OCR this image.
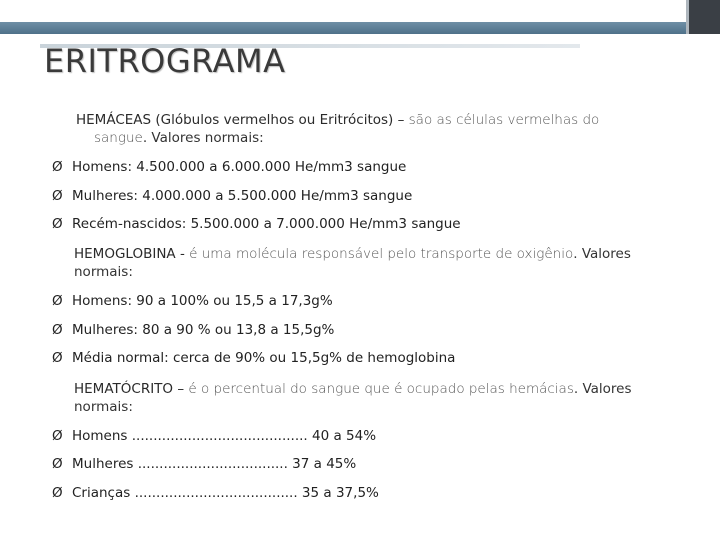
ERITROGRAMA
HEMÁCEAS (Glóbulos vermelhos ou Eritrócitos) – são as células vermelhas do
sangue. Valores normais:
Ø Homens: 4.500.000 a 6.000.000 He/mm3 sangue
Ø Mulheres: 4.000.000 a 5.500.000 He/mm3 sangue
Ø Recém-nascidos: 5.500.000 a 7.000.000 He/mm3 sangue
HEMOGLOBINA - é uma molécula responsável pelo transporte de oxigênio. Valores
normais:
Ø Homens: 90 a 100% ou 15,5 a 17,3g%
Ø Mulheres: 80 a 90 % ou 13,8 a 15,5g%
Ø Média normal: cerca de 90% ou 15,5g% de hemoglobina
HEMATÓCRITO – é o percentual do sangue que é ocupado pelas hemácias. Valores
normais:
Ø Homens ......................................... 40 a 54%
Ø Mulheres ................................... 37 a 45%
Ø Crianças ...................................... 35 a 37,5%
